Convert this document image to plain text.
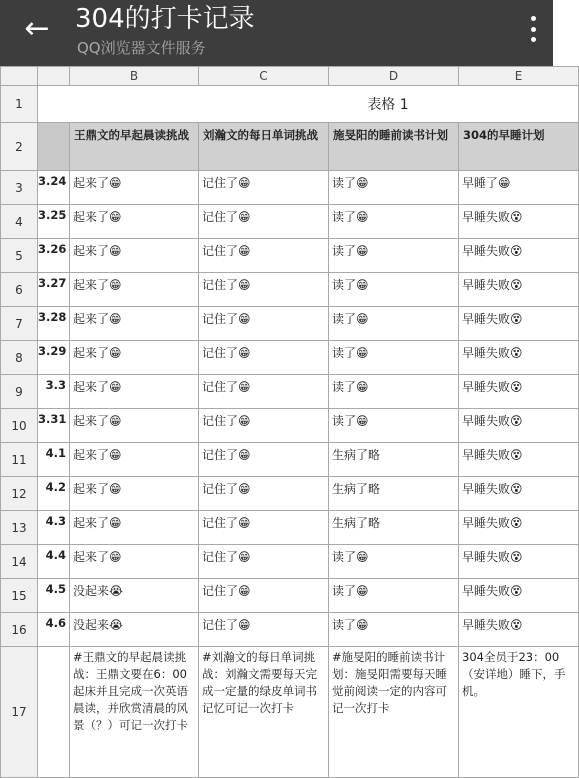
← 304的打卡记录
QQ浏览器文件服务
		B	C	D	E
1	表格 1				
2		王鼎文的早起晨读挑战	刘瀚文的每日单词挑战	施旻阳的睡前读书计划	304的早睡计划
3	3.24	起来了😁	记住了😁	读了😁	早睡了😁
4	3.25	起来了😁	记住了😁	读了😁	早睡失败😵
5	3.26	起来了😁	记住了😁	读了😁	早睡失败😵
6	3.27	起来了😁	记住了😁	读了😁	早睡失败😵
7	3.28	起来了😁	记住了😁	读了😁	早睡失败😵
8	3.29	起来了😁	记住了😁	读了😁	早睡失败😵
9	3.3	起来了😁	记住了😁	读了😁	早睡失败😵
10	3.31	起来了😁	记住了😁	读了😁	早睡失败😵
11	4.1	起来了😁	记住了😁	生病了略	早睡失败😵
12	4.2	起来了😁	记住了😁	生病了略	早睡失败😵
13	4.3	起来了😁	记住了😁	生病了略	早睡失败😵
14	4.4	起来了😁	记住了😁	读了😁	早睡失败😵
15	4.5	没起来😭	记住了😁	读了😁	早睡失败😵
16	4.6	没起来😭	记住了😁	读了😁	早睡失败😵
17		#王鼎文的早起晨读挑战：王鼎文要在6：00起床并且完成一次英语晨读，并欣赏清晨的风景（？）可记一次打卡	#刘瀚文的每日单词挑战：刘瀚文需要每天完成一定量的绿皮单词书记忆可记一次打卡	#施旻阳的睡前读书计划：施旻阳需要每天睡觉前阅读一定的内容可记一次打卡	304全员于23：00（安详地）睡下，手机。
